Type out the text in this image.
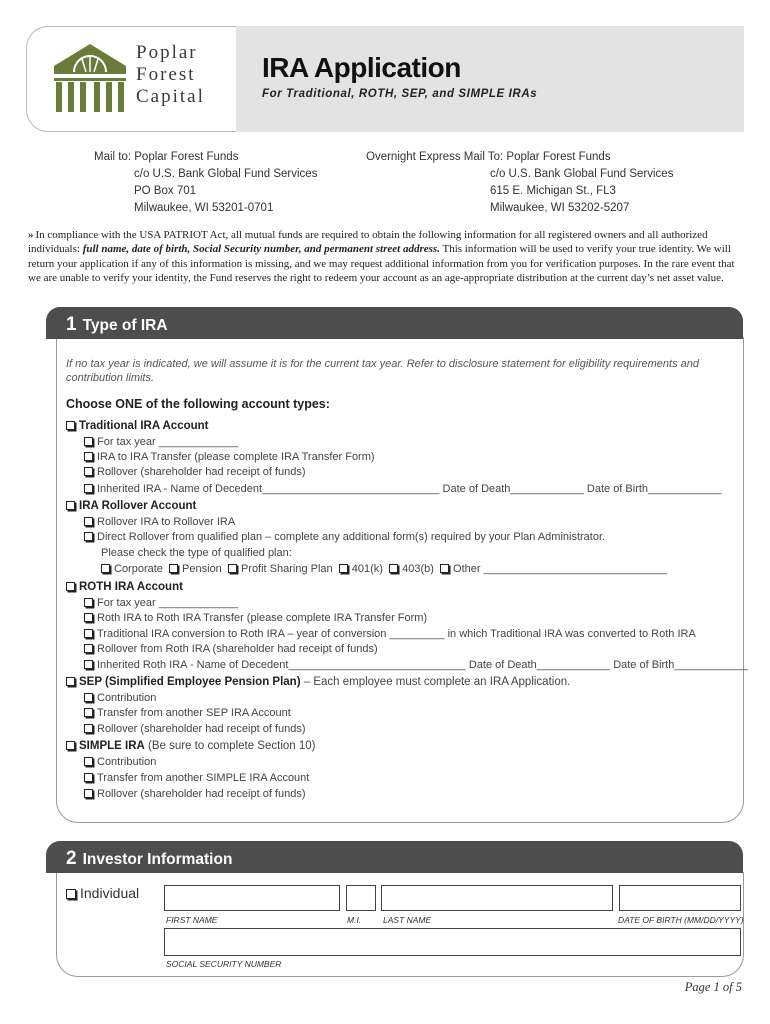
Poplar
Forest
Capital
IRA Application
For Traditional, ROTH, SEP, and SIMPLE IRAs
Mail to: Poplar Forest Funds
c/o U.S. Bank Global Fund Services
PO Box 701
Milwaukee, WI 53201-0701
Overnight Express Mail To: Poplar Forest Funds
c/o U.S. Bank Global Fund Services
615 E. Michigan St., FL3
Milwaukee, WI 53202-5207
» In compliance with the USA PATRIOT Act, all mutual funds are required to obtain the following information for all registered owners and all authorized individuals: full name, date of birth, Social Security number, and permanent street address. This information will be used to verify your true identity. We will return your application if any of this information is missing, and we may request additional information from you for verification purposes. In the rare event that we are unable to verify your identity, the Fund reserves the right to redeem your account as an age-appropriate distribution at the current day’s net asset value.
1 Type of IRA
If no tax year is indicated, we will assume it is for the current tax year. Refer to disclosure statement for eligibility requirements and contribution limits.
Choose ONE of the following account types:
Traditional IRA Account
For tax year _____________
IRA to IRA Transfer (please complete IRA Transfer Form)
Rollover (shareholder had receipt of funds)
Inherited IRA - Name of Decedent_____________________________ Date of Death____________ Date of Birth____________
IRA Rollover Account
Rollover IRA to Rollover IRA
Direct Rollover from qualified plan – complete any additional form(s) required by your Plan Administrator.
Please check the type of qualified plan:
Corporate Pension Profit Sharing Plan 401(k) 403(b) Other ______________________________
ROTH IRA Account
For tax year _____________
Roth IRA to Roth IRA Transfer (please complete IRA Transfer Form)
Traditional IRA conversion to Roth IRA – year of conversion _________ in which Traditional IRA was converted to Roth IRA
Rollover from Roth IRA (shareholder had receipt of funds)
Inherited Roth IRA - Name of Decedent_____________________________ Date of Death____________ Date of Birth____________
SEP (Simplified Employee Pension Plan) – Each employee must complete an IRA Application.
Contribution
Transfer from another SEP IRA Account
Rollover (shareholder had receipt of funds)
SIMPLE IRA (Be sure to complete Section 10)
Contribution
Transfer from another SIMPLE IRA Account
Rollover (shareholder had receipt of funds)
2 Investor Information
Individual
FIRST NAME	M.I.	LAST NAME	DATE OF BIRTH (MM/DD/YYYY)
SOCIAL SECURITY NUMBER
Page 1 of 5
